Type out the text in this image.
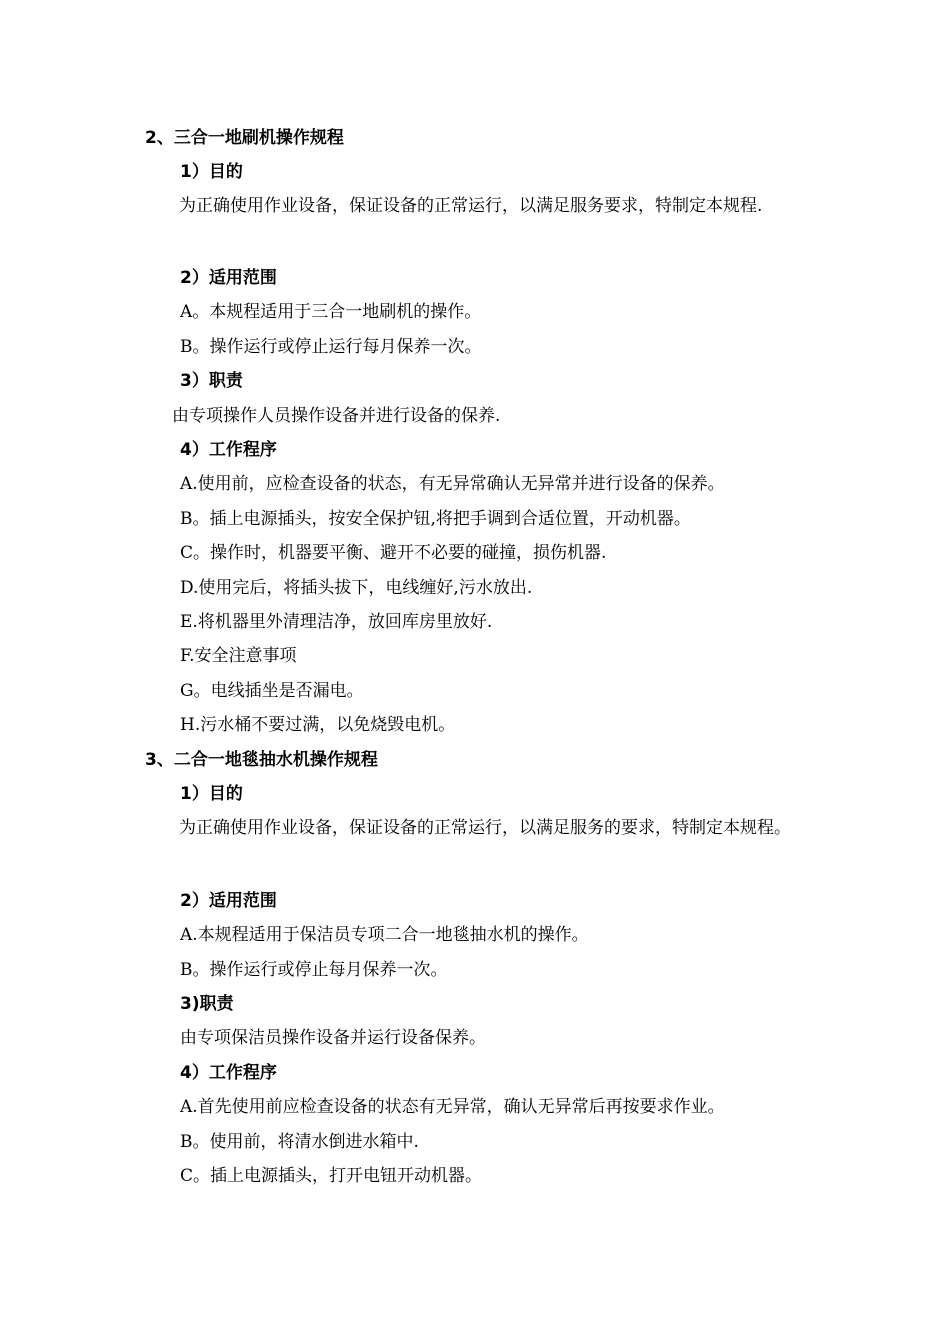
2、三合一地刷机操作规程
1）目的
为正确使用作业设备，保证设备的正常运行，以满足服务要求，特制定本规程.
2）适用范围
A。本规程适用于三合一地刷机的操作。
B。操作运行或停止运行每月保养一次。
3）职责
由专项操作人员操作设备并进行设备的保养.
4）工作程序
A.使用前，应检查设备的状态，有无异常确认无异常并进行设备的保养。
B。插上电源插头，按安全保护钮,将把手调到合适位置，开动机器。
C。操作时，机器要平衡、避开不必要的碰撞，损伤机器.
D.使用完后，将插头拔下，电线缠好,污水放出.
E.将机器里外清理洁净，放回库房里放好.
F.安全注意事项
G。电线插坐是否漏电。
H.污水桶不要过满，以免烧毁电机。
3、二合一地毯抽水机操作规程
1）目的
为正确使用作业设备，保证设备的正常运行，以满足服务的要求，特制定本规程。
2）适用范围
A.本规程适用于保洁员专项二合一地毯抽水机的操作。
B。操作运行或停止每月保养一次。
3)职责
由专项保洁员操作设备并运行设备保养。
4）工作程序
A.首先使用前应检查设备的状态有无异常，确认无异常后再按要求作业。
B。使用前，将清水倒进水箱中.
C。插上电源插头，打开电钮开动机器。
